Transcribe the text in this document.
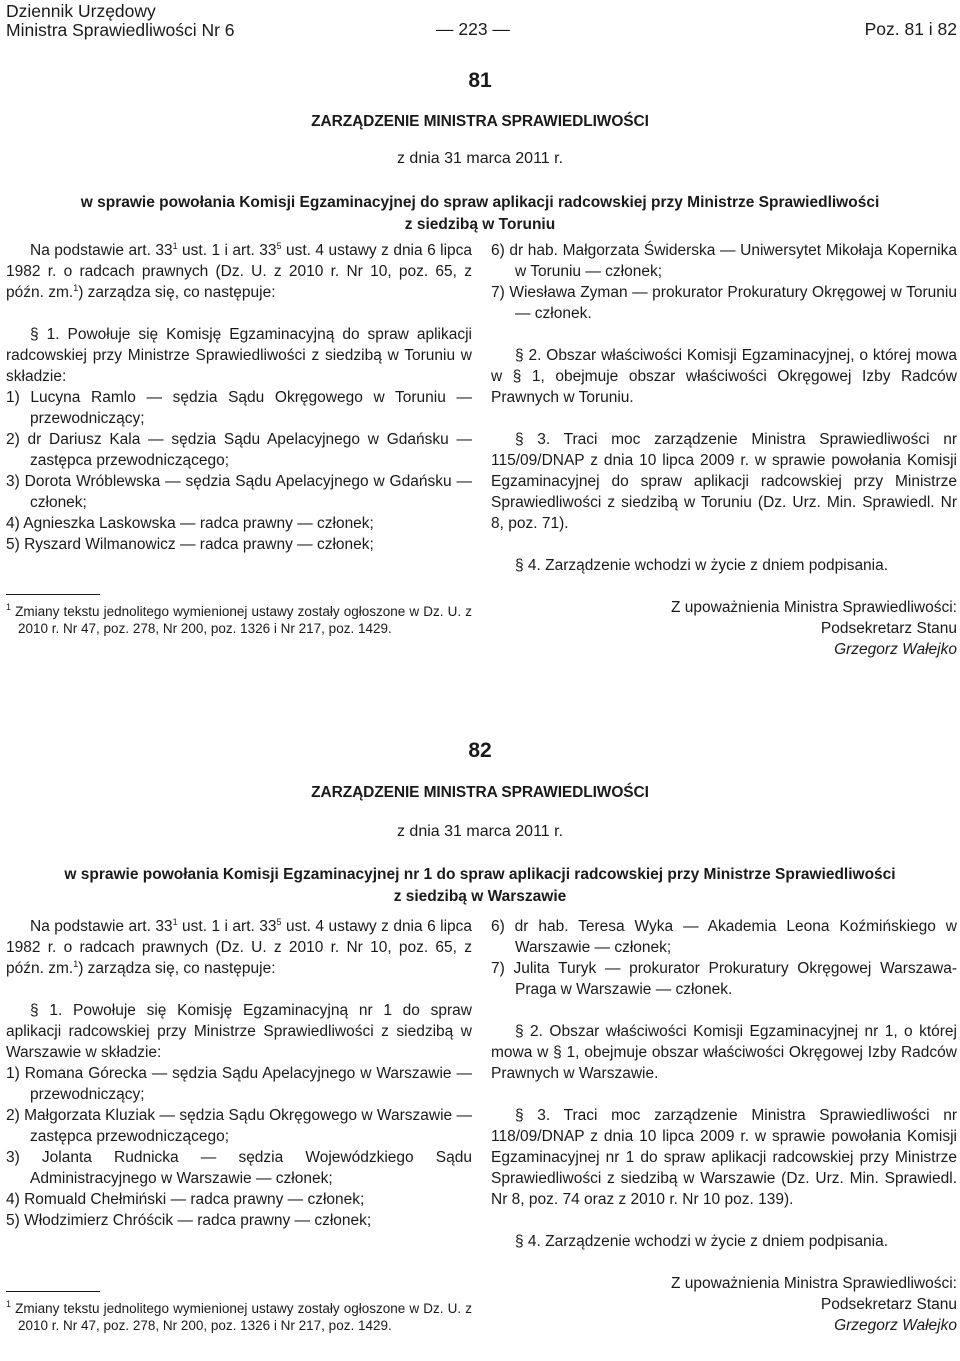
Dziennik Urzędowy
Ministra Sprawiedliwości Nr 6	— 223 —	Poz. 81 i 82
81
ZARZĄDZENIE MINISTRA SPRAWIEDLIWOŚCI
z dnia 31 marca 2011 r.
w sprawie powołania Komisji Egzaminacyjnej do spraw aplikacji radcowskiej przy Ministrze Sprawiedliwości
z siedzibą w Toruniu
Na podstawie art. $33^1$ ust. 1 i art. $33^5$ ust. 4 ustawy z dnia 6 lipca 1982 r. o radcach prawnych (Dz. U. z 2010 r. Nr 10, poz. 65, z późn. zm.$^1$) zarządza się, co następuje:
§ 1. Powołuje się Komisję Egzaminacyjną do spraw aplikacji radcowskiej przy Ministrze Sprawiedliwości z siedzibą w Toruniu w składzie:
1) Lucyna Ramlo — sędzia Sądu Okręgowego w Toruniu — przewodniczący;
2) dr Dariusz Kala — sędzia Sądu Apelacyjnego w Gdańsku — zastępca przewodniczącego;
3) Dorota Wróblewska — sędzia Sądu Apelacyjnego w Gdańsku — członek;
4) Agnieszka Laskowska — radca prawny — członek;
5) Ryszard Wilmanowicz — radca prawny — członek;
6) dr hab. Małgorzata Świderska — Uniwersytet Mikołaja Kopernika w Toruniu — członek;
7) Wiesława Zyman — prokurator Prokuratury Okręgowej w Toruniu — członek.
§ 2. Obszar właściwości Komisji Egzaminacyjnej, o której mowa w § 1, obejmuje obszar właściwości Okręgowej Izby Radców Prawnych w Toruniu.
§ 3. Traci moc zarządzenie Ministra Sprawiedliwości nr 115/09/DNAP z dnia 10 lipca 2009 r. w sprawie powołania Komisji Egzaminacyjnej do spraw aplikacji radcowskiej przy Ministrze Sprawiedliwości z siedzibą w Toruniu (Dz. Urz. Min. Sprawiedl. Nr 8, poz. 71).
§ 4. Zarządzenie wchodzi w życie z dniem podpisania.
Z upoważnienia Ministra Sprawiedliwości:
Podsekretarz Stanu
Grzegorz Wałejko
$^1$ Zmiany tekstu jednolitego wymienionej ustawy zostały ogłoszone w Dz. U. z 2010 r. Nr 47, poz. 278, Nr 200, poz. 1326 i Nr 217, poz. 1429.
82
ZARZĄDZENIE MINISTRA SPRAWIEDLIWOŚCI
z dnia 31 marca 2011 r.
w sprawie powołania Komisji Egzaminacyjnej nr 1 do spraw aplikacji radcowskiej przy Ministrze Sprawiedliwości
z siedzibą w Warszawie
Na podstawie art. $33^1$ ust. 1 i art. $33^5$ ust. 4 ustawy z dnia 6 lipca 1982 r. o radcach prawnych (Dz. U. z 2010 r. Nr 10, poz. 65, z późn. zm.$^1$) zarządza się, co następuje:
§ 1. Powołuje się Komisję Egzaminacyjną nr 1 do spraw aplikacji radcowskiej przy Ministrze Sprawiedliwości z siedzibą w Warszawie w składzie:
1) Romana Górecka — sędzia Sądu Apelacyjnego w Warszawie — przewodniczący;
2) Małgorzata Kluziak — sędzia Sądu Okręgowego w Warszawie — zastępca przewodniczącego;
3) Jolanta Rudnicka — sędzia Wojewódzkiego Sądu Administracyjnego w Warszawie — członek;
4) Romuald Chełmiński — radca prawny — członek;
5) Włodzimierz Chróścik — radca prawny — członek;
6) dr hab. Teresa Wyka — Akademia Leona Koźmińskiego w Warszawie — członek;
7) Julita Turyk — prokurator Prokuratury Okręgowej Warszawa-Praga w Warszawie — członek.
§ 2. Obszar właściwości Komisji Egzaminacyjnej nr 1, o której mowa w § 1, obejmuje obszar właściwości Okręgowej Izby Radców Prawnych w Warszawie.
§ 3. Traci moc zarządzenie Ministra Sprawiedliwości nr 118/09/DNAP z dnia 10 lipca 2009 r. w sprawie powołania Komisji Egzaminacyjnej nr 1 do spraw aplikacji radcowskiej przy Ministrze Sprawiedliwości z siedzibą w Warszawie (Dz. Urz. Min. Sprawiedl. Nr 8, poz. 74 oraz z 2010 r. Nr 10 poz. 139).
§ 4. Zarządzenie wchodzi w życie z dniem podpisania.
Z upoważnienia Ministra Sprawiedliwości:
Podsekretarz Stanu
Grzegorz Wałejko
$^1$ Zmiany tekstu jednolitego wymienionej ustawy zostały ogłoszone w Dz. U. z 2010 r. Nr 47, poz. 278, Nr 200, poz. 1326 i Nr 217, poz. 1429.
